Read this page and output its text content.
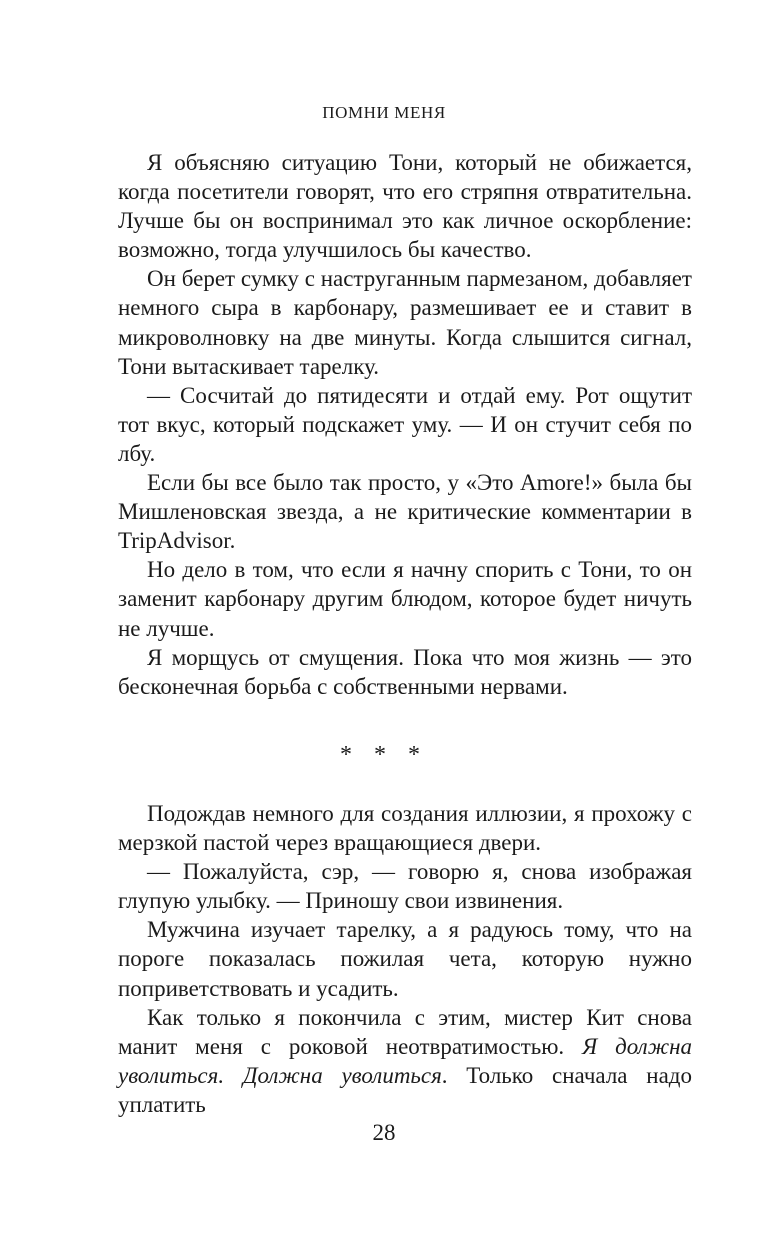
ПОМНИ МЕНЯ

Я объясняю ситуацию Тони, который не обижается, когда посетители говорят, что его стряпня отвратительна. Лучше бы он воспринимал это как личное оскорбление: возможно, тогда улучшилось бы качество.

Он берет сумку с наструганным пармезаном, добавляет немного сыра в карбонару, размешивает ее и ставит в микроволновку на две минуты. Когда слышится сигнал, Тони вытаскивает тарелку.

— Сосчитай до пятидесяти и отдай ему. Рот ощутит тот вкус, который подскажет уму. — И он стучит себя по лбу.

Если бы все было так просто, у «Это Amore!» была бы Мишленовская звезда, а не критические комментарии в TripAdvisor.

Но дело в том, что если я начну спорить с Тони, то он заменит карбонару другим блюдом, которое будет ничуть не лучше.

Я морщусь от смущения. Пока что моя жизнь — это бесконечная борьба с собственными нервами.

* * *

Подождав немного для создания иллюзии, я прохожу с мерзкой пастой через вращающиеся двери.

— Пожалуйста, сэр, — говорю я, снова изображая глупую улыбку. — Приношу свои извинения.

Мужчина изучает тарелку, а я радуюсь тому, что на пороге показалась пожилая чета, которую нужно поприветствовать и усадить.

Как только я покончила с этим, мистер Кит снова манит меня с роковой неотвратимостью. Я должна уволиться. Должна уволиться. Только сначала надо уплатить

28
